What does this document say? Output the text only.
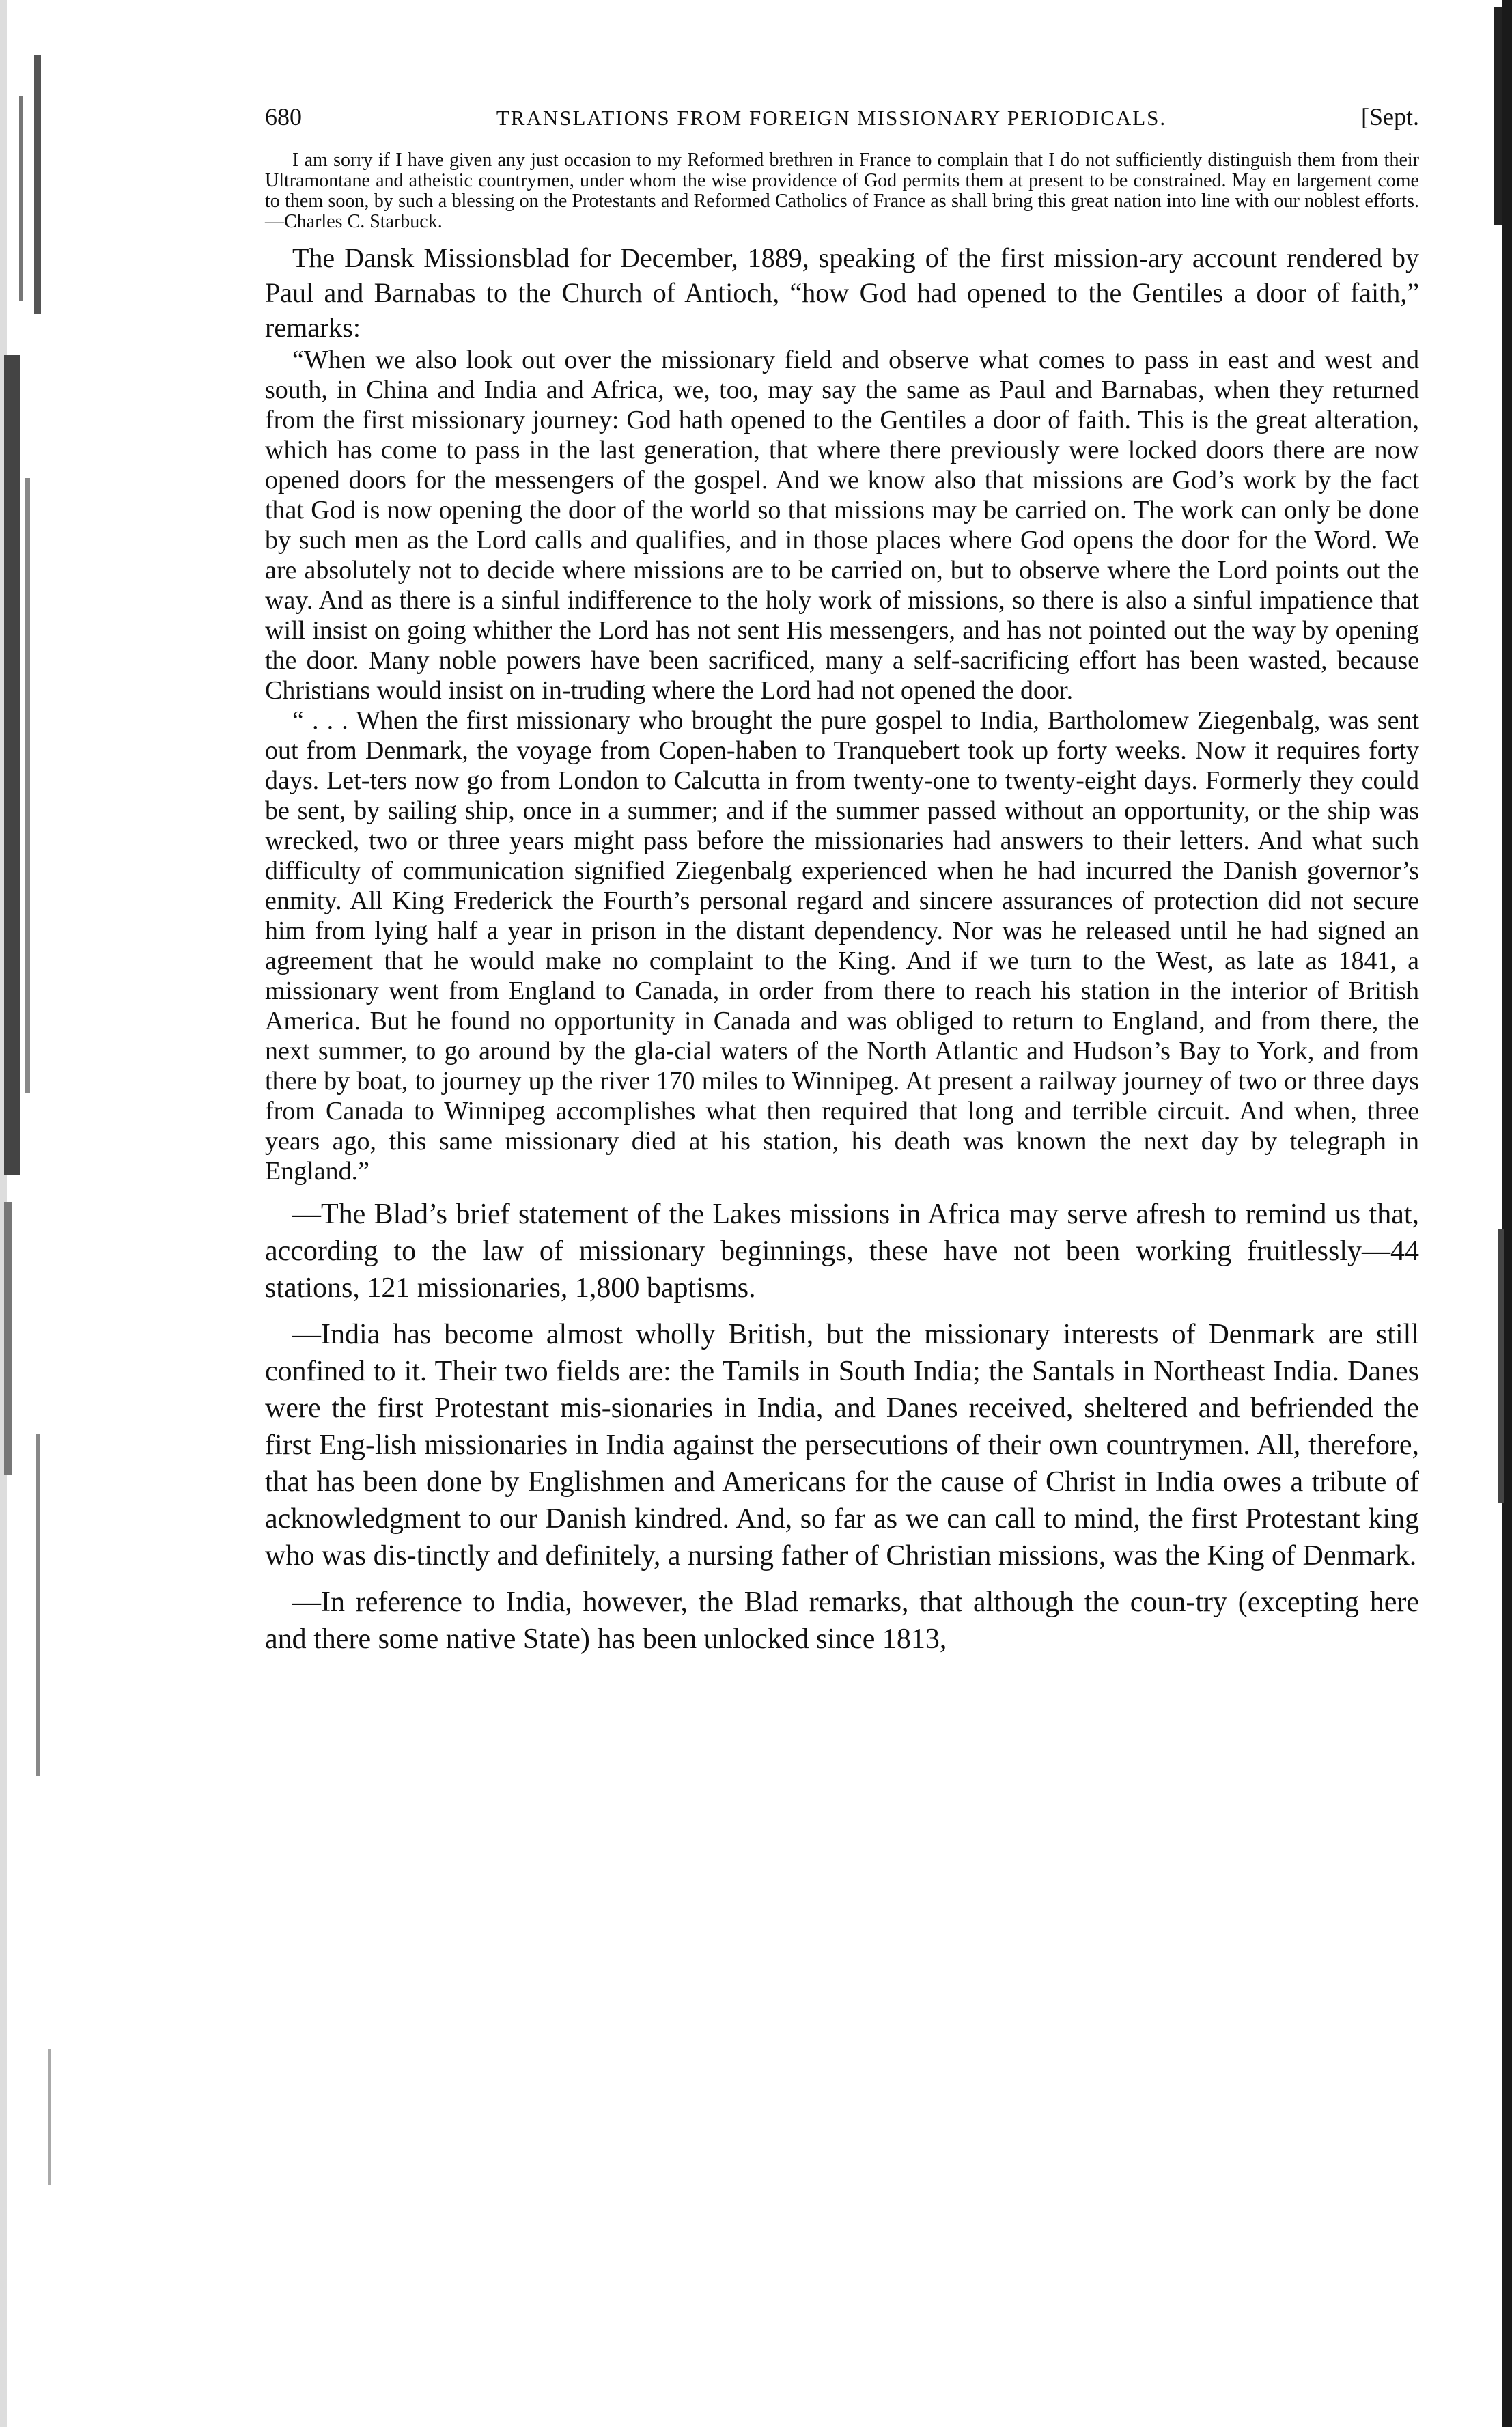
680	TRANSLATIONS FROM FOREIGN MISSIONARY PERIODICALS.	[Sept.

I am sorry if I have given any just occasion to my Reformed brethren in France to complain that I do not sufficiently distinguish them from their Ultramontane and atheistic countrymen, under whom the wise providence of God permits them at present to be constrained. May en largement come to them soon, by such a blessing on the Protestants and Reformed Catholics of France as shall bring this great nation into line with our noblest efforts.—Charles C. Starbuck.

The Dansk Missionsblad for December, 1889, speaking of the first mission-ary account rendered by Paul and Barnabas to the Church of Antioch, “how God had opened to the Gentiles a door of faith,” remarks:

“When we also look out over the missionary field and observe what comes to pass in east and west and south, in China and India and Africa, we, too, may say the same as Paul and Barnabas, when they returned from the first missionary journey: God hath opened to the Gentiles a door of faith. This is the great alteration, which has come to pass in the last generation, that where there previously were locked doors there are now opened doors for the messengers of the gospel. And we know also that missions are God’s work by the fact that God is now opening the door of the world so that missions may be carried on. The work can only be done by such men as the Lord calls and qualifies, and in those places where God opens the door for the Word. We are absolutely not to decide where missions are to be carried on, but to observe where the Lord points out the way. And as there is a sinful indifference to the holy work of missions, so there is also a sinful impatience that will insist on going whither the Lord has not sent His messengers, and has not pointed out the way by opening the door. Many noble powers have been sacrificed, many a self-sacrificing effort has been wasted, because Christians would insist on in-truding where the Lord had not opened the door.

“ . . . When the first missionary who brought the pure gospel to India, Bartholomew Ziegenbalg, was sent out from Denmark, the voyage from Copen-haben to Tranquebert took up forty weeks. Now it requires forty days. Let-ters now go from London to Calcutta in from twenty-one to twenty-eight days. Formerly they could be sent, by sailing ship, once in a summer; and if the summer passed without an opportunity, or the ship was wrecked, two or three years might pass before the missionaries had answers to their letters. And what such difficulty of communication signified Ziegenbalg experienced when he had incurred the Danish governor’s enmity. All King Frederick the Fourth’s personal regard and sincere assurances of protection did not secure him from lying half a year in prison in the distant dependency. Nor was he released until he had signed an agreement that he would make no complaint to the King. And if we turn to the West, as late as 1841, a missionary went from England to Canada, in order from there to reach his station in the interior of British America. But he found no opportunity in Canada and was obliged to return to England, and from there, the next summer, to go around by the gla-cial waters of the North Atlantic and Hudson’s Bay to York, and from there by boat, to journey up the river 170 miles to Winnipeg. At present a railway journey of two or three days from Canada to Winnipeg accomplishes what then required that long and terrible circuit. And when, three years ago, this same missionary died at his station, his death was known the next day by telegraph in England.”

—The Blad’s brief statement of the Lakes missions in Africa may serve afresh to remind us that, according to the law of missionary beginnings, these have not been working fruitlessly—44 stations, 121 missionaries, 1,800 baptisms.

—India has become almost wholly British, but the missionary interests of Denmark are still confined to it. Their two fields are: the Tamils in South India; the Santals in Northeast India. Danes were the first Protestant mis-sionaries in India, and Danes received, sheltered and befriended the first Eng-lish missionaries in India against the persecutions of their own countrymen. All, therefore, that has been done by Englishmen and Americans for the cause of Christ in India owes a tribute of acknowledgment to our Danish kindred. And, so far as we can call to mind, the first Protestant king who was dis-tinctly and definitely, a nursing father of Christian missions, was the King of Denmark.

—In reference to India, however, the Blad remarks, that although the coun-try (excepting here and there some native State) has been unlocked since 1813,
